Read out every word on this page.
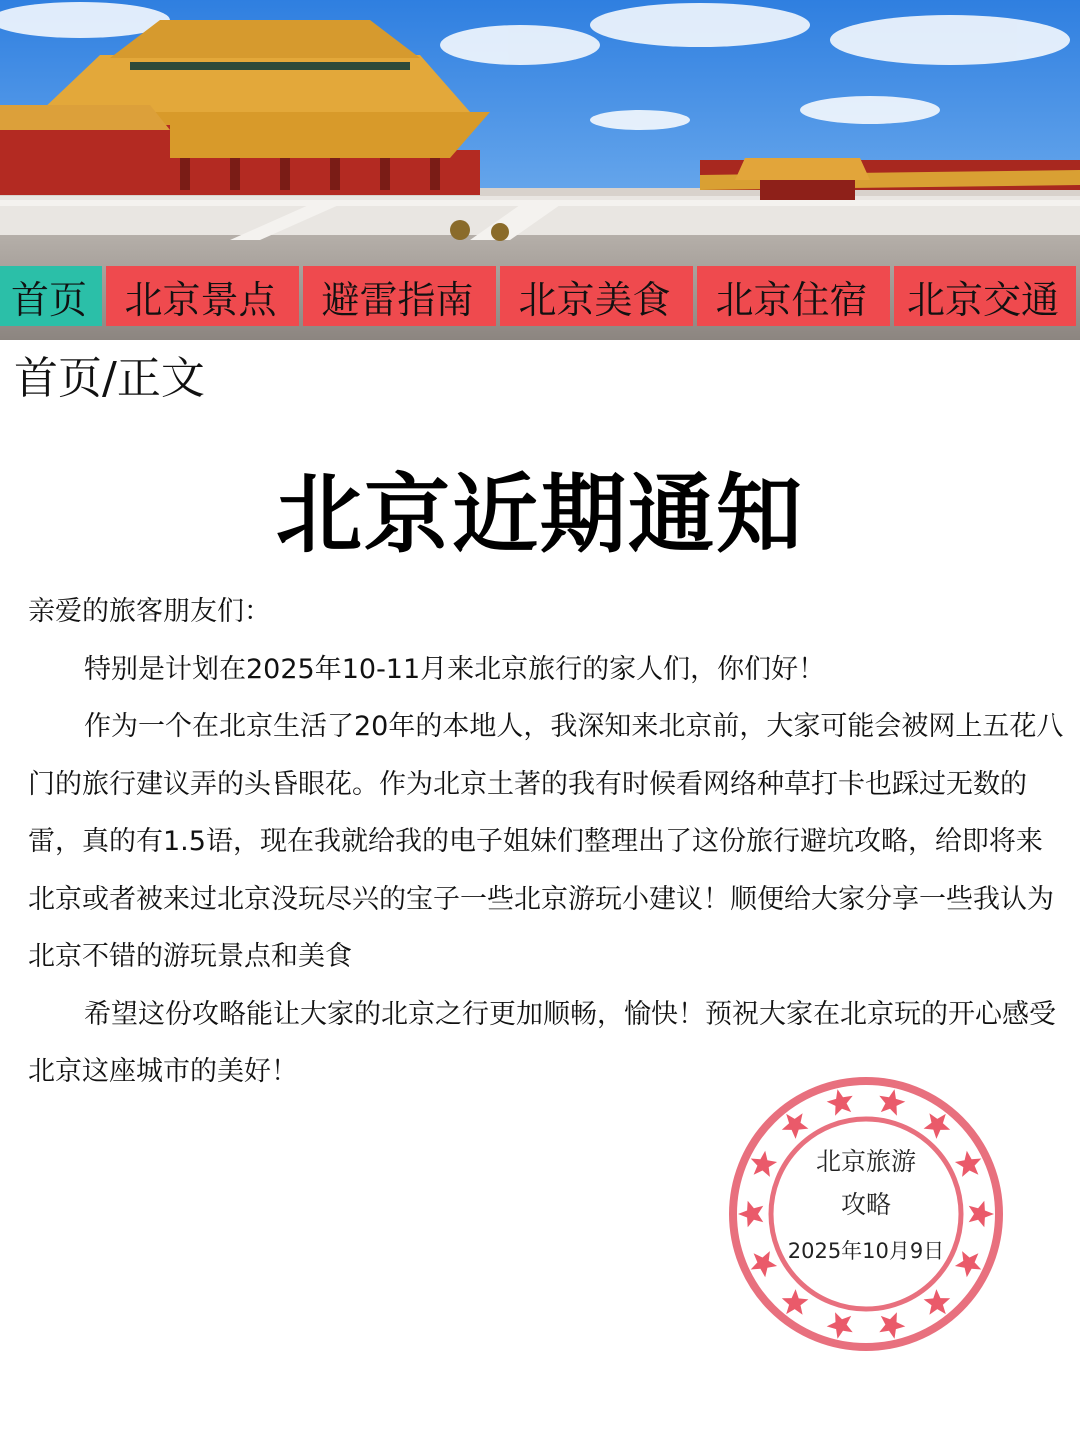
首页 北京景点	避雷指南	北京美食	北京住宿	北京交通
首页/正文
北京近期通知

亲爱的旅客朋友们：

特别是计划在2025年10-11月来北京旅行的家人们，你们好！

作为一个在北京生活了20年的本地人，我深知来北京前，大家可能会被网上五花八门的旅行建议弄的头昏眼花。作为北京土著的我有时候看网络种草打卡也踩过无数的雷，真的有1.5语，现在我就给我的电子姐妹们整理出了这份旅行避坑攻略，给即将来北京或者被来过北京没玩尽兴的宝子一些北京游玩小建议！顺便给大家分享一些我认为北京不错的游玩景点和美食

希望这份攻略能让大家的北京之行更加顺畅，愉快！预祝大家在北京玩的开心感受北京这座城市的美好！

北京旅游
攻略
2025年10月9日
